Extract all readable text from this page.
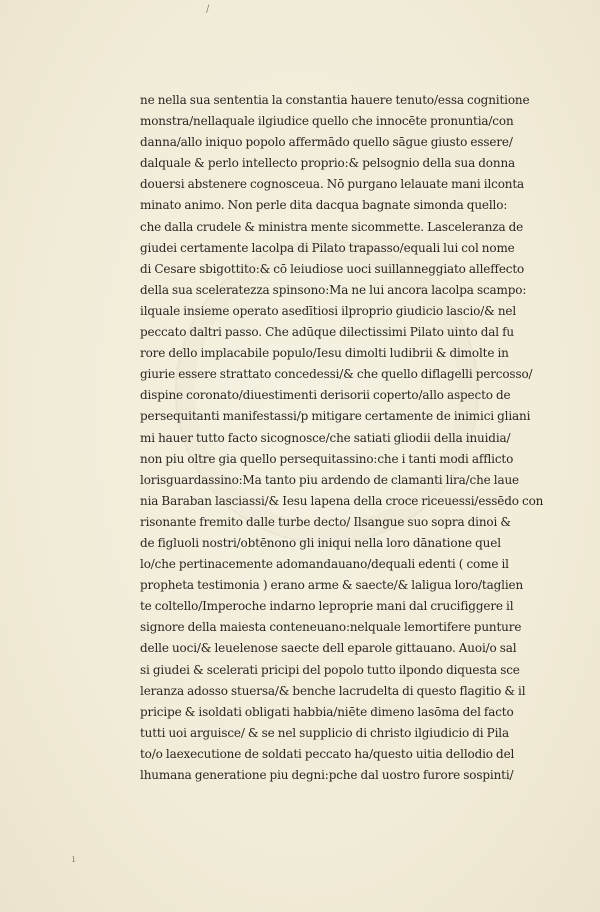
/
ı
ne nella sua sententia la constantia hauere tenuto/essa cognitione
monstra/nellaquale ilgiudice quello che innocēte pronuntia/con
danna/allo iniquo popolo affermādo quello sāgue giusto essere/
dalquale & perlo intellecto proprio:& pelsognio della sua donna
douersi abstenere cognosceua. Nō purgano lelauate mani ilconta
minato animo. Non perle dita dacqua bagnate simonda quello:
che dalla crudele & ministra mente sicommette. Lasceleranza de
giudei certamente lacolpa di Pilato trapasso/equali lui col nome
di Cesare sbigottito:& cō leiudiose uoci suillanneggiato alleffecto
della sua sceleratezza spinsono:Ma ne lui ancora lacolpa scampo:
ilquale insieme operato asedītiosi ilproprio giudicio lascio/& nel
peccato daltri passo. Che adūque dilectissimi Pilato uinto dal fu
rore dello implacabile populo/Iesu dimolti ludibrii & dimolte in
giurie essere strattato concedessi/& che quello diflagelli percosso/
dispine coronato/diuestimenti derisorii coperto/allo aspecto de
persequitanti manifestassi/p mitigare certamente de inimici gliani
mi hauer tutto facto sicognosce/che satiati gliodii della inuidia/
non piu oltre gia quello persequitassino:che i tanti modi afflicto
lorisguardassino:Ma tanto piu ardendo de clamanti lira/che laue
nia Baraban lasciassi/& Iesu lapena della croce riceuessi/essēdo con
risonante fremito dalle turbe decto/ Ilsangue suo sopra dinoi &
de figluoli nostri/obtēnono gli iniqui nella loro dānatione quel
lo/che pertinacemente adomandauano/dequali edenti ( come il
propheta testimonia ) erano arme & saecte/& laligua loro/taglien
te coltello/Imperoche indarno leproprie mani dal crucifiggere il
signore della maiesta conteneuano:nelquale lemortifere punture
delle uoci/& leuelenose saecte dell eparole gittauano. Auoi/o sal
si giudei & scelerati pricipi del popolo tutto ilpondo diquesta sce
leranza adosso stuersa/& benche lacrudelta di questo flagitio & il
pricipe & isoldati obligati habbia/niēte dimeno lasōma del facto
tutti uoi arguisce/ & se nel supplicio di christo ilgiudicio di Pila
to/o laexecutione de soldati peccato ha/questo uitia dellodio del
lhumana generatione piu degni:pche dal uostro furore sospinti/
